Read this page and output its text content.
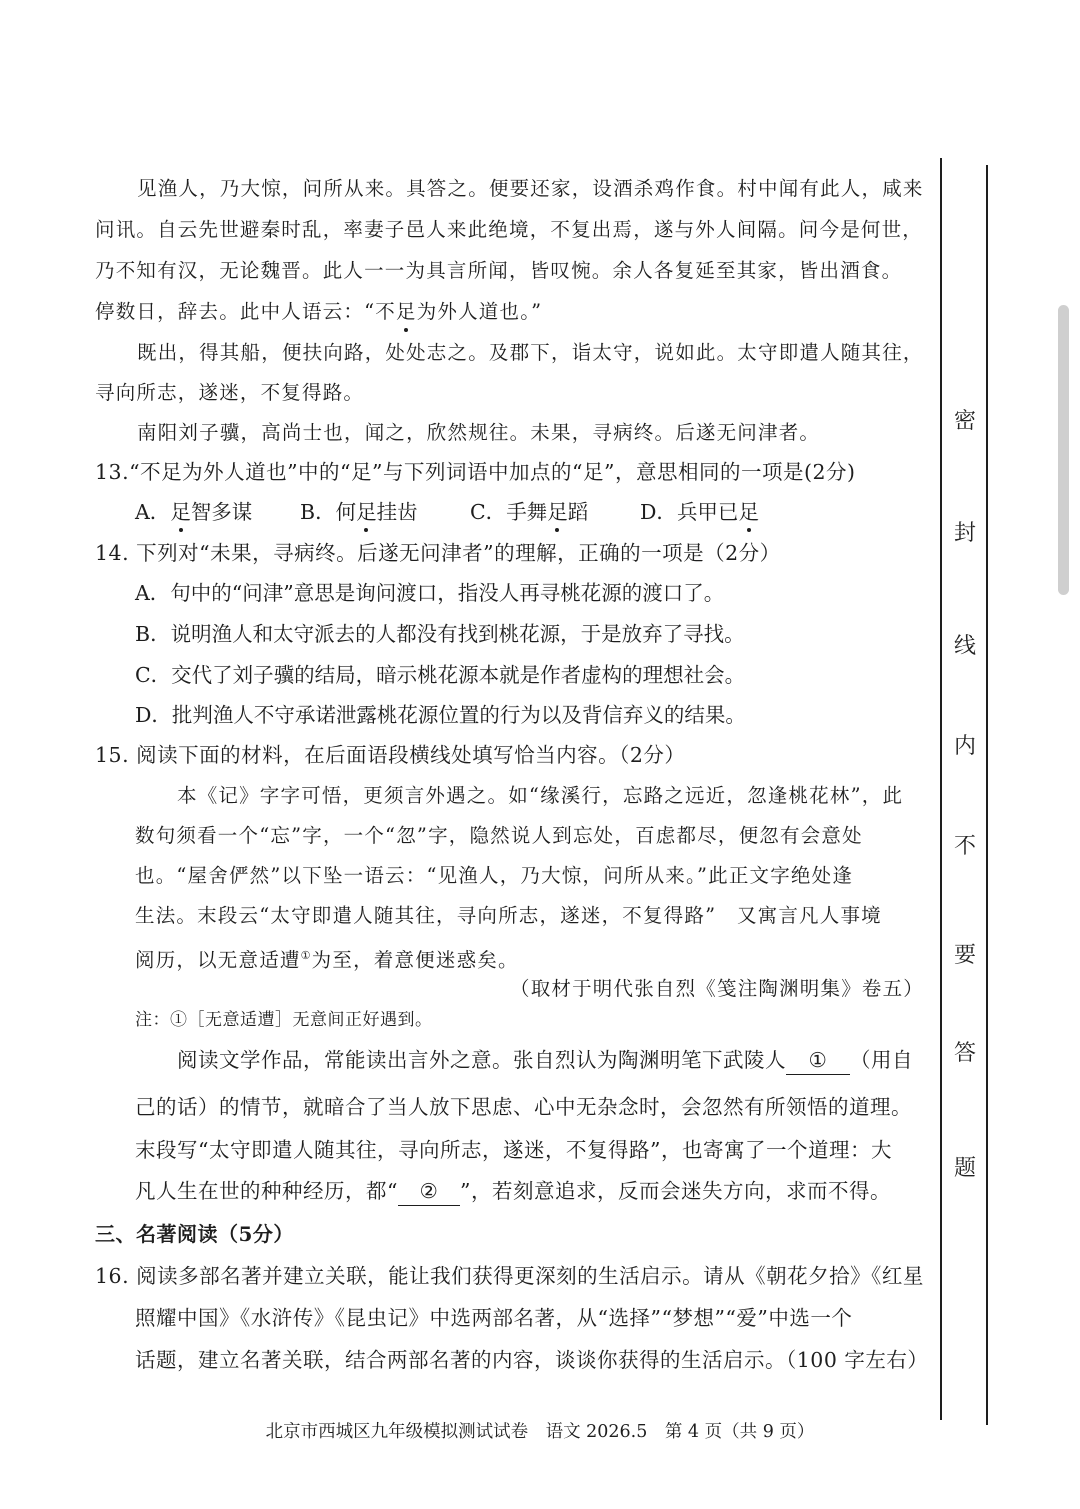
见渔人，乃大惊，问所从来。具答之。便要还家，设酒杀鸡作食。村中闻有此人，咸来
问讯。自云先世避秦时乱，率妻子邑人来此绝境，不复出焉，遂与外人间隔。问今是何世，
乃不知有汉，无论魏晋。此人一一为具言所闻，皆叹惋。余人各复延至其家，皆出酒食。
停数日，辞去。此中人语云：“不足为外人道也。”
既出，得其船，便扶向路，处处志之。及郡下，诣太守，说如此。太守即遣人随其往，
寻向所志，遂迷，不复得路。
南阳刘子骥，高尚士也，闻之，欣然规往。未果，寻病终。后遂无问津者。
13.“不足为外人道也”中的“足”与下列词语中加点的“足”，意思相同的一项是(2分)
A．足智多谋 B．何足挂齿	C．手舞足蹈	D．兵甲已足
14. 下列对“未果，寻病终。后遂无问津者”的理解，正确的一项是（2分）
A．句中的“问津”意思是询问渡口，指没人再寻桃花源的渡口了。
B．说明渔人和太守派去的人都没有找到桃花源，于是放弃了寻找。
C．交代了刘子骥的结局，暗示桃花源本就是作者虚构的理想社会。
D．批判渔人不守承诺泄露桃花源位置的行为以及背信弃义的结果。
15. 阅读下面的材料，在后面语段横线处填写恰当内容。（2分）
本《记》字字可悟，更须言外遇之。如“缘溪行，忘路之远近，忽逢桃花林”，此
数句须看一个“忘”字，一个“忽”字，隐然说人到忘处，百虑都尽，便忽有会意处
也。“屋舍俨然”以下坠一语云：“见渔人，乃大惊，问所从来。”此正文字绝处逢
生法。末段云“太守即遣人随其往，寻向所志，遂迷，不复得路”　又寓言凡人事境
阅历，以无意适遭①为至，着意便迷惑矣。
（取材于明代张自烈《笺注陶渊明集》卷五）
注：①［无意适遭］无意间正好遇到。
阅读文学作品，常能读出言外之意。张自烈认为陶渊明笔下武陵人 ① （用自
己的话）的情节，就暗合了当人放下思虑、心中无杂念时，会忽然有所领悟的道理。
末段写“太守即遣人随其往，寻向所志，遂迷，不复得路”，也寄寓了一个道理：大
凡人生在世的种种经历，都“ ② ”，若刻意追求，反而会迷失方向，求而不得。
三、名著阅读（5分）
16. 阅读多部名著并建立关联，能让我们获得更深刻的生活启示。请从《朝花夕拾》《红星
照耀中国》《水浒传》《昆虫记》中选两部名著，从“选择”“梦想”“爱”中选一个
话题，建立名著关联，结合两部名著的内容，谈谈你获得的生活启示。（100 字左右）
密
封
线
内
不
要
答
题
北京市西城区九年级模拟测试试卷　语文 2026.5　第 4 页（共 9 页）
